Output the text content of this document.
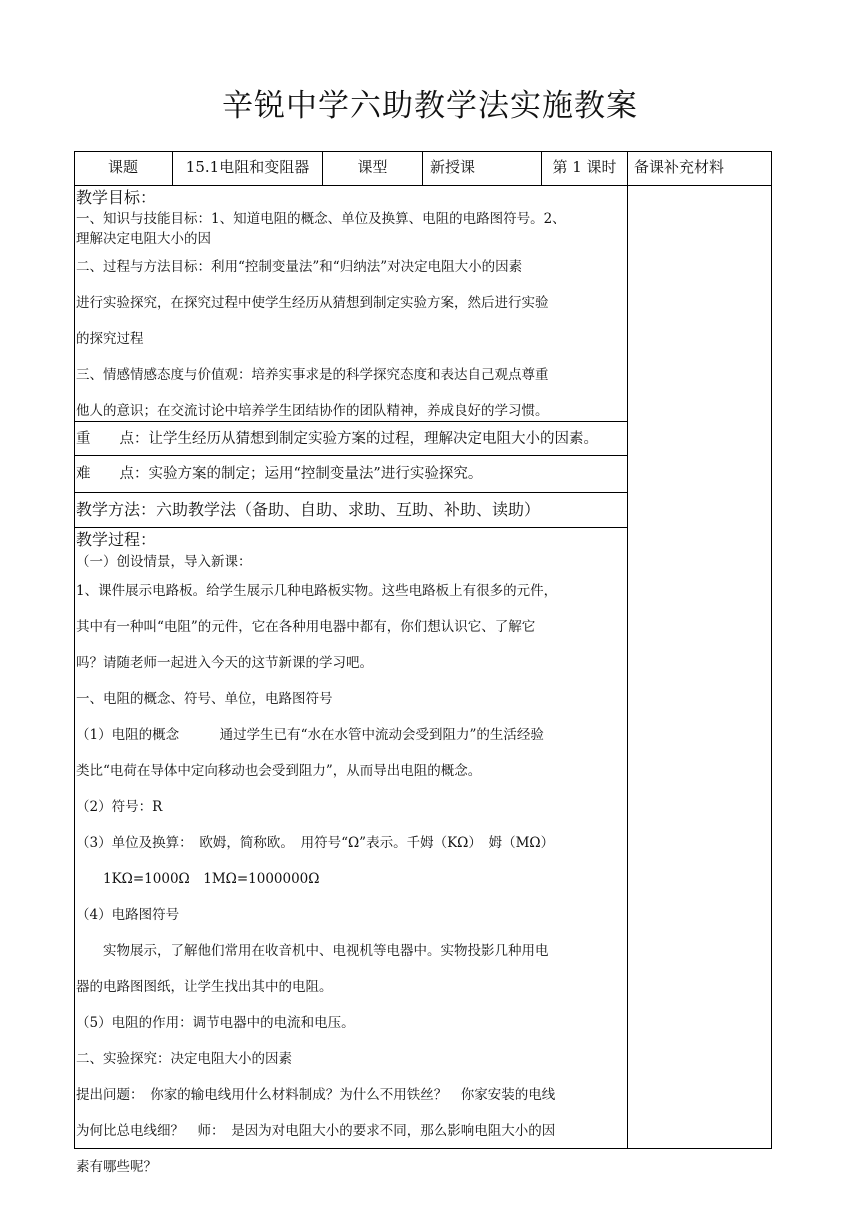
辛锐中学六助教学法实施教案
课题	15.1电阻和变阻器	课型	新授课	第 1 课时	备课补充材料

教学目标：

一、知识与技能目标：1、知道电阻的概念、单位及换算、电阻的电路图符号。2、

理解决定电阻大小的因

二、过程与方法目标：利用“控制变量法”和“归纳法”对决定电阻大小的因素

进行实验探究，在探究过程中使学生经历从猜想到制定实验方案，然后进行实验

的探究过程

三、情感情感态度与价值观：培养实事求是的科学探究态度和表达自己观点尊重

他人的意识；在交流讨论中培养学生团结协作的团队精神，养成良好的学习惯。

重　　点：让学生经历从猜想到制定实验方案的过程，理解决定电阻大小的因素。

难　　点：实验方案的制定；运用“控制变量法”进行实验探究。

教学方法：六助教学法（备助、自助、求助、互助、补助、读助）

教学过程：

（一）创设情景，导入新课：

1、课件展示电路板。给学生展示几种电路板实物。这些电路板上有很多的元件，

其中有一种叫“电阻”的元件，它在各种用电器中都有，你们想认识它、了解它

吗？请随老师一起进入今天的这节新课的学习吧。

一、电阻的概念、符号、单位，电路图符号

（1）电阻的概念　　　通过学生已有“水在水管中流动会受到阻力”的生活经验

类比“电荷在导体中定向移动也会受到阻力”，从而导出电阻的概念。

（2）符号：R

（3）单位及换算：　欧姆，简称欧。　用符号“Ω”表示。千姆（KΩ）　姆（MΩ）

　　1KΩ=1000Ω　1MΩ=1000000Ω

（4）电路图符号

　　实物展示，了解他们常用在收音机中、电视机等电器中。实物投影几种用电

器的电路图图纸，让学生找出其中的电阻。

（5）电阻的作用：调节电器中的电流和电压。

二、实验探究：决定电阻大小的因素

提出问题：　你家的输电线用什么材料制成？为什么不用铁丝？　你家安装的电线

为何比总电线细？　师：　是因为对电阻大小的要求不同，那么影响电阻大小的因

素有哪些呢？
